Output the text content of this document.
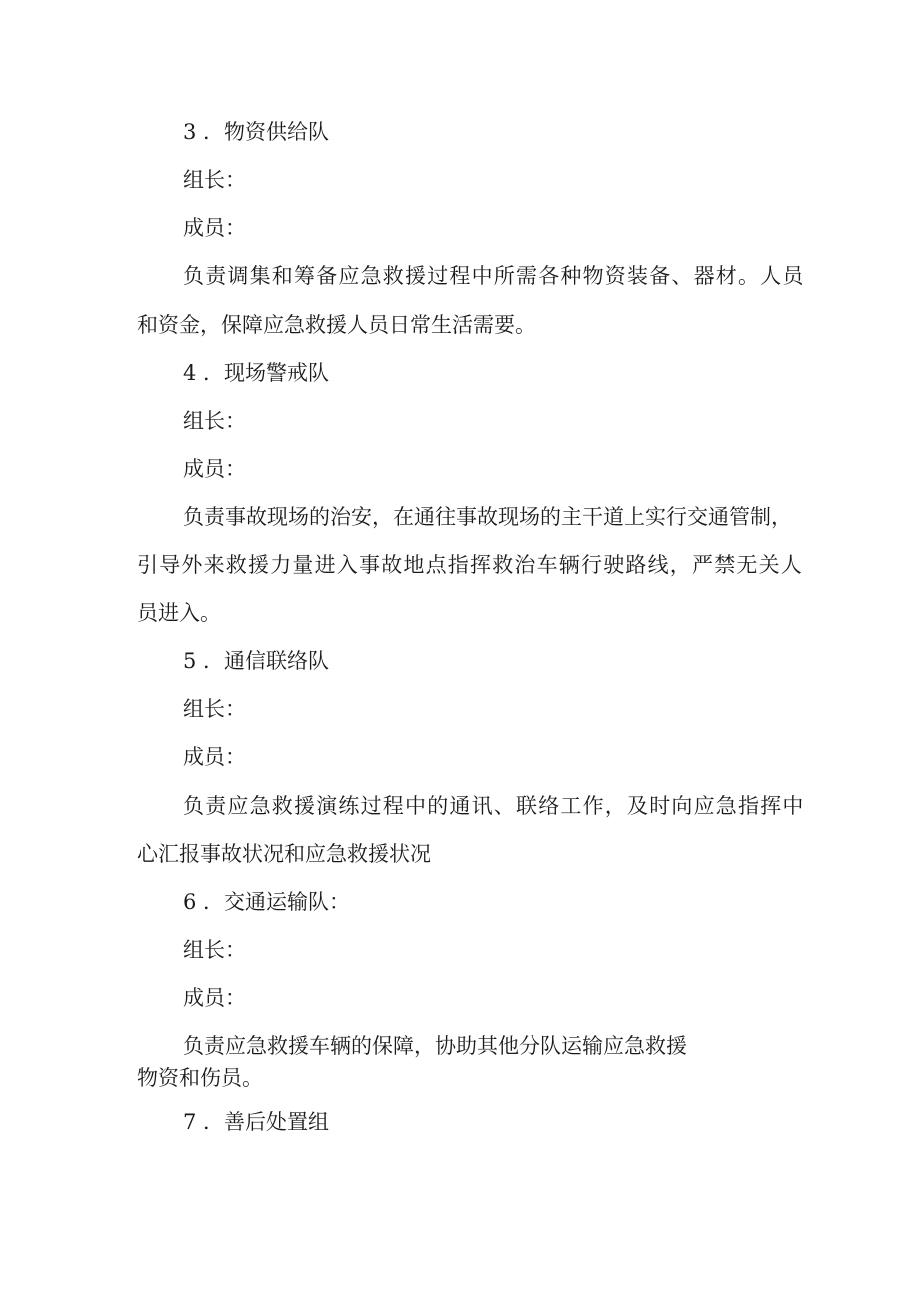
3 ．物资供给队
组长：
成员：
负责调集和筹备应急救援过程中所需各种物资装备、器材。人员
和资金，保障应急救援人员日常生活需要。
4 ．现场警戒队
组长：
成员：
负责事故现场的治安，在通往事故现场的主干道上实行交通管制，
引导外来救援力量进入事故地点指挥救治车辆行驶路线，严禁无关人
员进入。
5 ．通信联络队
组长：
成员：
负责应急救援演练过程中的通讯、联络工作，及时向应急指挥中
心汇报事故状况和应急救援状况
6 ．交通运输队：
组长：
成员：
负责应急救援车辆的保障，协助其他分队运输应急救援
物资和伤员。
7 ．善后处置组
